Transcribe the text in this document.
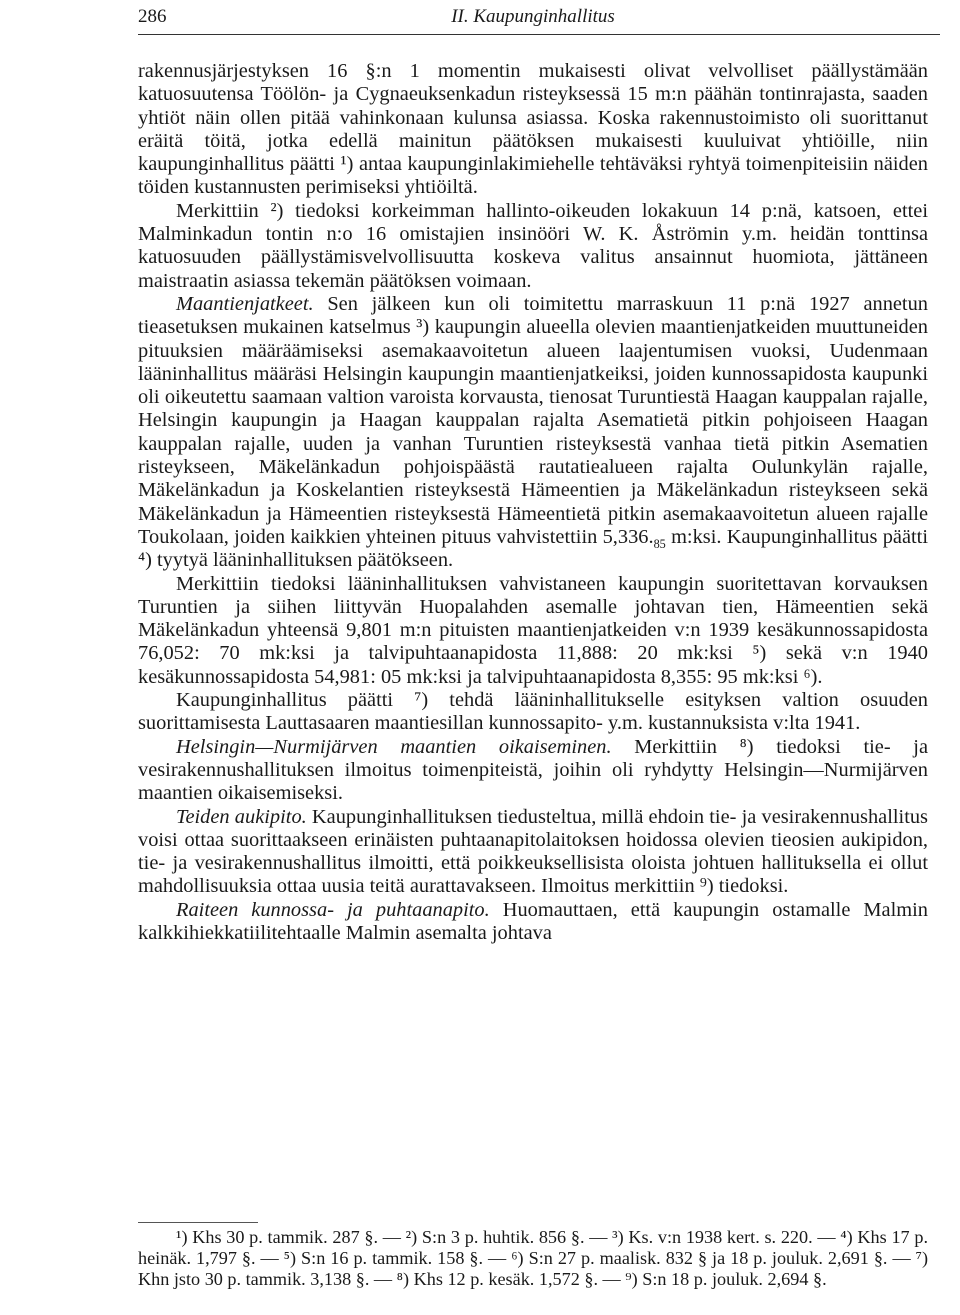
286	II. Kaupunginhallitus

rakennusjärjestyksen 16 §:n 1 momentin mukaisesti olivat velvolliset päällystämään katuosuutensa Töölön- ja Cygnaeuksenkadun risteyksessä 15 m:n päähän tontinrajasta, saaden yhtiöt näin ollen pitää vahinkonaan kulunsa asiassa. Koska rakennustoimisto oli suorittanut eräitä töitä, jotka edellä mainitun päätöksen mukaisesti kuuluivat yhtiöille, niin kaupunginhallitus päätti ¹) antaa kaupunginlakimiehelle tehtäväksi ryhtyä toimenpiteisiin näiden töiden kustannusten perimiseksi yhtiöiltä.

Merkittiin ²) tiedoksi korkeimman hallinto-oikeuden lokakuun 14 p:nä, katsoen, ettei Malminkadun tontin n:o 16 omistajien insinööri W. K. Åströmin y.m. heidän tonttinsa katuosuuden päällystämisvelvollisuutta koskeva valitus ansainnut huomiota, jättäneen maistraatin asiassa tekemän päätöksen voimaan.

Maantienjatkeet. Sen jälkeen kun oli toimitettu marraskuun 11 p:nä 1927 annetun tieasetuksen mukainen katselmus ³) kaupungin alueella olevien maantienjatkeiden muuttuneiden pituuksien määräämiseksi asemakaavoitetun alueen laajentumisen vuoksi, Uudenmaan lääninhallitus määräsi Helsingin kaupungin maantienjatkeiksi, joiden kunnossapidosta kaupunki oli oikeutettu saamaan valtion varoista korvausta, tienosat Turuntiestä Haagan kauppalan rajalle, Helsingin kaupungin ja Haagan kauppalan rajalta Asematietä pitkin pohjoiseen Haagan kauppalan rajalle, uuden ja vanhan Turuntien risteyksestä vanhaa tietä pitkin Asematien risteykseen, Mäkelänkadun pohjoispäästä rautatiealueen rajalta Oulunkylän rajalle, Mäkelänkadun ja Koskelantien risteyksestä Hämeentien ja Mäkelänkadun risteykseen sekä Mäkelänkadun ja Hämeentien risteyksestä Hämeentietä pitkin asemakaavoitetun alueen rajalle Toukolaan, joiden kaikkien yhteinen pituus vahvistettiin $5,336._{85}$ m:ksi. Kaupunginhallitus päätti ⁴) tyytyä lääninhallituksen päätökseen.

Merkittiin tiedoksi lääninhallituksen vahvistaneen kaupungin suoritettavan korvauksen Turuntien ja siihen liittyvän Huopalahden asemalle johtavan tien, Hämeentien sekä Mäkelänkadun yhteensä 9,801 m:n pituisten maantienjatkeiden v:n 1939 kesäkunnossapidosta 76,052: 70 mk:ksi ja talvipuhtaanapidosta 11,888: 20 mk:ksi ⁵) sekä v:n 1940 kesäkunnossapidosta 54,981: 05 mk:ksi ja talvipuhtaanapidosta 8,355: 95 mk:ksi ⁶).

Kaupunginhallitus päätti ⁷) tehdä lääninhallitukselle esityksen valtion osuuden suorittamisesta Lauttasaaren maantiesillan kunnossapito- y.m. kustannuksista v:lta 1941.

Helsingin—Nurmijärven maantien oikaiseminen. Merkittiin ⁸) tiedoksi tie- ja vesirakennushallituksen ilmoitus toimenpiteistä, joihin oli ryhdytty Helsingin—Nurmijärven maantien oikaisemiseksi.

Teiden aukipito. Kaupunginhallituksen tiedusteltua, millä ehdoin tie- ja vesirakennushallitus voisi ottaa suorittaakseen erinäisten puhtaanapitolaitoksen hoidossa olevien tieosien aukipidon, tie- ja vesirakennushallitus ilmoitti, että poikkeuksellisista oloista johtuen hallituksella ei ollut mahdollisuuksia ottaa uusia teitä aurattavakseen. Ilmoitus merkittiin ⁹) tiedoksi.

Raiteen kunnossa- ja puhtaanapito. Huomauttaen, että kaupungin ostamalle Malmin kalkkihiekkatiilitehtaalle Malmin asemalta johtava

¹) Khs 30 p. tammik. 287 §. — ²) S:n 3 p. huhtik. 856 §. — ³) Ks. v:n 1938 kert. s. 220. — ⁴) Khs 17 p. heinäk. 1,797 §. — ⁵) S:n 16 p. tammik. 158 §. — ⁶) S:n 27 p. maalisk. 832 § ja 18 p. jouluk. 2,691 §. — ⁷) Khn jsto 30 p. tammik. 3,138 §. — ⁸) Khs 12 p. kesäk. 1,572 §. — ⁹) S:n 18 p. jouluk. 2,694 §.
